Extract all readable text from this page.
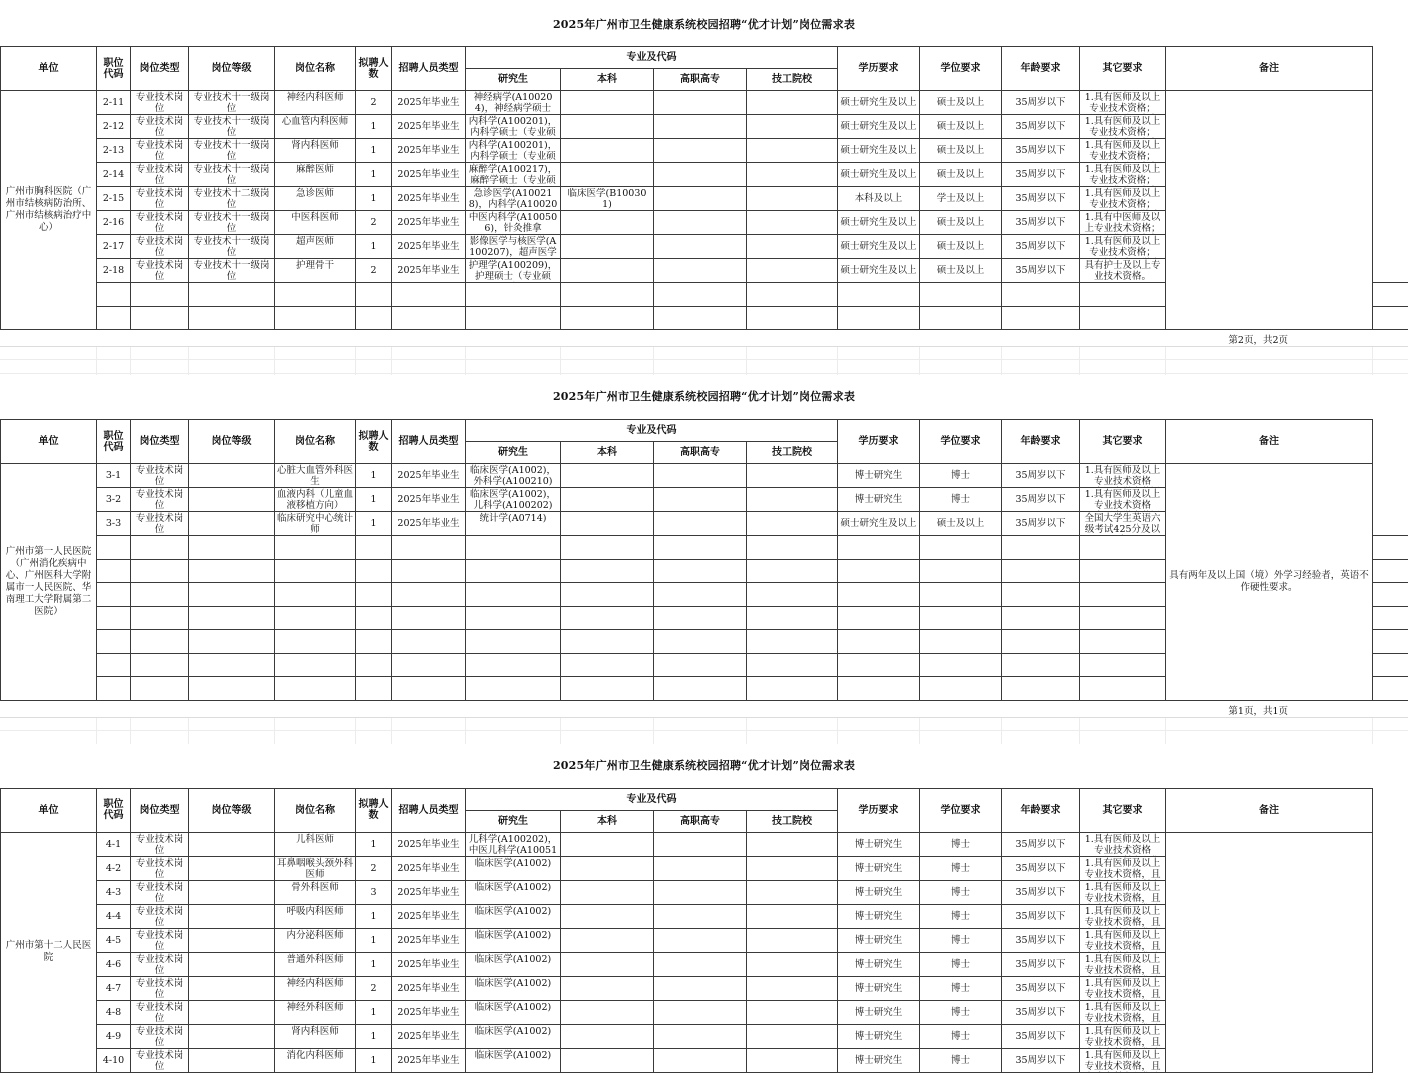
2025年广州市卫生健康系统校园招聘“优才计划”岗位需求表
单位	职位代码	岗位类型	岗位等级	岗位名称	拟聘人数	招聘人员类型	专业及代码				学历要求	学位要求	年龄要求	其它要求	备注	
							研究生	本科	高职高专	技工院校						

广州市胸科医院（广州市结核病防治所、广州市结核病治疗中心）	2-11	专业技术岗位	专业技术十一级岗位	神经内科医师	2	2025年毕业生	神经病学(A100204)，神经病学硕士				硕士研究生及以上	硕士及以上	35周岁以下	1.具有医师及以上专业技术资格；		

2-12	专业技术岗位	专业技术十一级岗位	心血管内科医师	1	2025年毕业生	内科学(A100201)，内科学硕士（专业硕				硕士研究生及以上	硕士及以上	35周岁以下	1.具有医师及以上专业技术资格；		

2-13	专业技术岗位	专业技术十一级岗位	肾内科医师	1	2025年毕业生	内科学(A100201)，内科学硕士（专业硕				硕士研究生及以上	硕士及以上	35周岁以下	1.具有医师及以上专业技术资格；		

2-14	专业技术岗位	专业技术十一级岗位	麻醉医师	1	2025年毕业生	麻醉学(A100217)，麻醉学硕士（专业硕				硕士研究生及以上	硕士及以上	35周岁以下	1.具有医师及以上专业技术资格；		

2-15	专业技术岗位	专业技术十二级岗位	急诊医师	1	2025年毕业生	急诊医学(A100218)，内科学(A10020	临床医学(B100301)			本科及以上	学士及以上	35周岁以下	1.具有医师及以上专业技术资格；		

2-16	专业技术岗位	专业技术十一级岗位	中医科医师	2	2025年毕业生	中医内科学(A100506)，针灸推拿				硕士研究生及以上	硕士及以上	35周岁以下	1.具有中医师及以上专业技术资格；		

2-17	专业技术岗位	专业技术十一级岗位	超声医师	1	2025年毕业生	影像医学与核医学(A100207)，超声医学				硕士研究生及以上	硕士及以上	35周岁以下	1.具有医师及以上专业技术资格；		

2-18	专业技术岗位	专业技术十一级岗位	护理骨干	2	2025年毕业生	护理学(A100209)，护理硕士（专业硕				硕士研究生及以上	硕士及以上	35周岁以下	具有护士及以上专业技术资格。		

第2页，共2页
2025年广州市卫生健康系统校园招聘“优才计划”岗位需求表
单位	职位代码	岗位类型	岗位等级	岗位名称	拟聘人数	招聘人员类型	专业及代码				学历要求	学位要求	年龄要求	其它要求	备注	
							研究生	本科	高职高专	技工院校						

广州市第一人民医院（广州消化疾病中心、广州医科大学附属市一人民医院、华南理工大学附属第二医院）	3-1	专业技术岗位		心脏大血管外科医生	1	2025年毕业生	临床医学(A1002)，外科学(A100210)				博士研究生	博士	35周岁以下	1.具有医师及以上专业技术资格	具有两年及以上国（境）外学习经验者，英语不作硬性要求。	

3-2	专业技术岗位		血液内科（儿童血液移植方向）	1	2025年毕业生	临床医学(A1002)，儿科学(A100202)				博士研究生	博士	35周岁以下	1.具有医师及以上专业技术资格		

3-3	专业技术岗位		临床研究中心统计师	1	2025年毕业生	统计学(A0714)				硕士研究生及以上	硕士及以上	35周岁以下	全国大学生英语六级考试425分及以		

第1页，共1页
2025年广州市卫生健康系统校园招聘“优才计划”岗位需求表
单位	职位代码	岗位类型	岗位等级	岗位名称	拟聘人数	招聘人员类型	专业及代码				学历要求	学位要求	年龄要求	其它要求	备注
							研究生	本科	高职高专	技工院校					

广州市第十二人民医院	4-1	专业技术岗位		儿科医师	1	2025年毕业生	儿科学(A100202)，中医儿科学(A10051				博士研究生	博士	35周岁以下	1.具有医师及以上专业技术资格	

4-2	专业技术岗位		耳鼻咽喉头颈外科医师	2	2025年毕业生	临床医学(A1002)				博士研究生	博士	35周岁以下	1.具有医师及以上专业技术资格，且	

4-3	专业技术岗位		骨外科医师	3	2025年毕业生	临床医学(A1002)				博士研究生	博士	35周岁以下	1.具有医师及以上专业技术资格，且	

4-4	专业技术岗位		呼吸内科医师	1	2025年毕业生	临床医学(A1002)				博士研究生	博士	35周岁以下	1.具有医师及以上专业技术资格，且	

4-5	专业技术岗位		内分泌科医师	1	2025年毕业生	临床医学(A1002)				博士研究生	博士	35周岁以下	1.具有医师及以上专业技术资格，且	

4-6	专业技术岗位		普通外科医师	1	2025年毕业生	临床医学(A1002)				博士研究生	博士	35周岁以下	1.具有医师及以上专业技术资格，且	

4-7	专业技术岗位		神经内科医师	2	2025年毕业生	临床医学(A1002)				博士研究生	博士	35周岁以下	1.具有医师及以上专业技术资格，且	

4-8	专业技术岗位		神经外科医师	1	2025年毕业生	临床医学(A1002)				博士研究生	博士	35周岁以下	1.具有医师及以上专业技术资格，且	

4-9	专业技术岗位		肾内科医师	1	2025年毕业生	临床医学(A1002)				博士研究生	博士	35周岁以下	1.具有医师及以上专业技术资格，且	

4-10	专业技术岗位		消化内科医师	1	2025年毕业生	临床医学(A1002)				博士研究生	博士	35周岁以下	1.具有医师及以上专业技术资格，且	
